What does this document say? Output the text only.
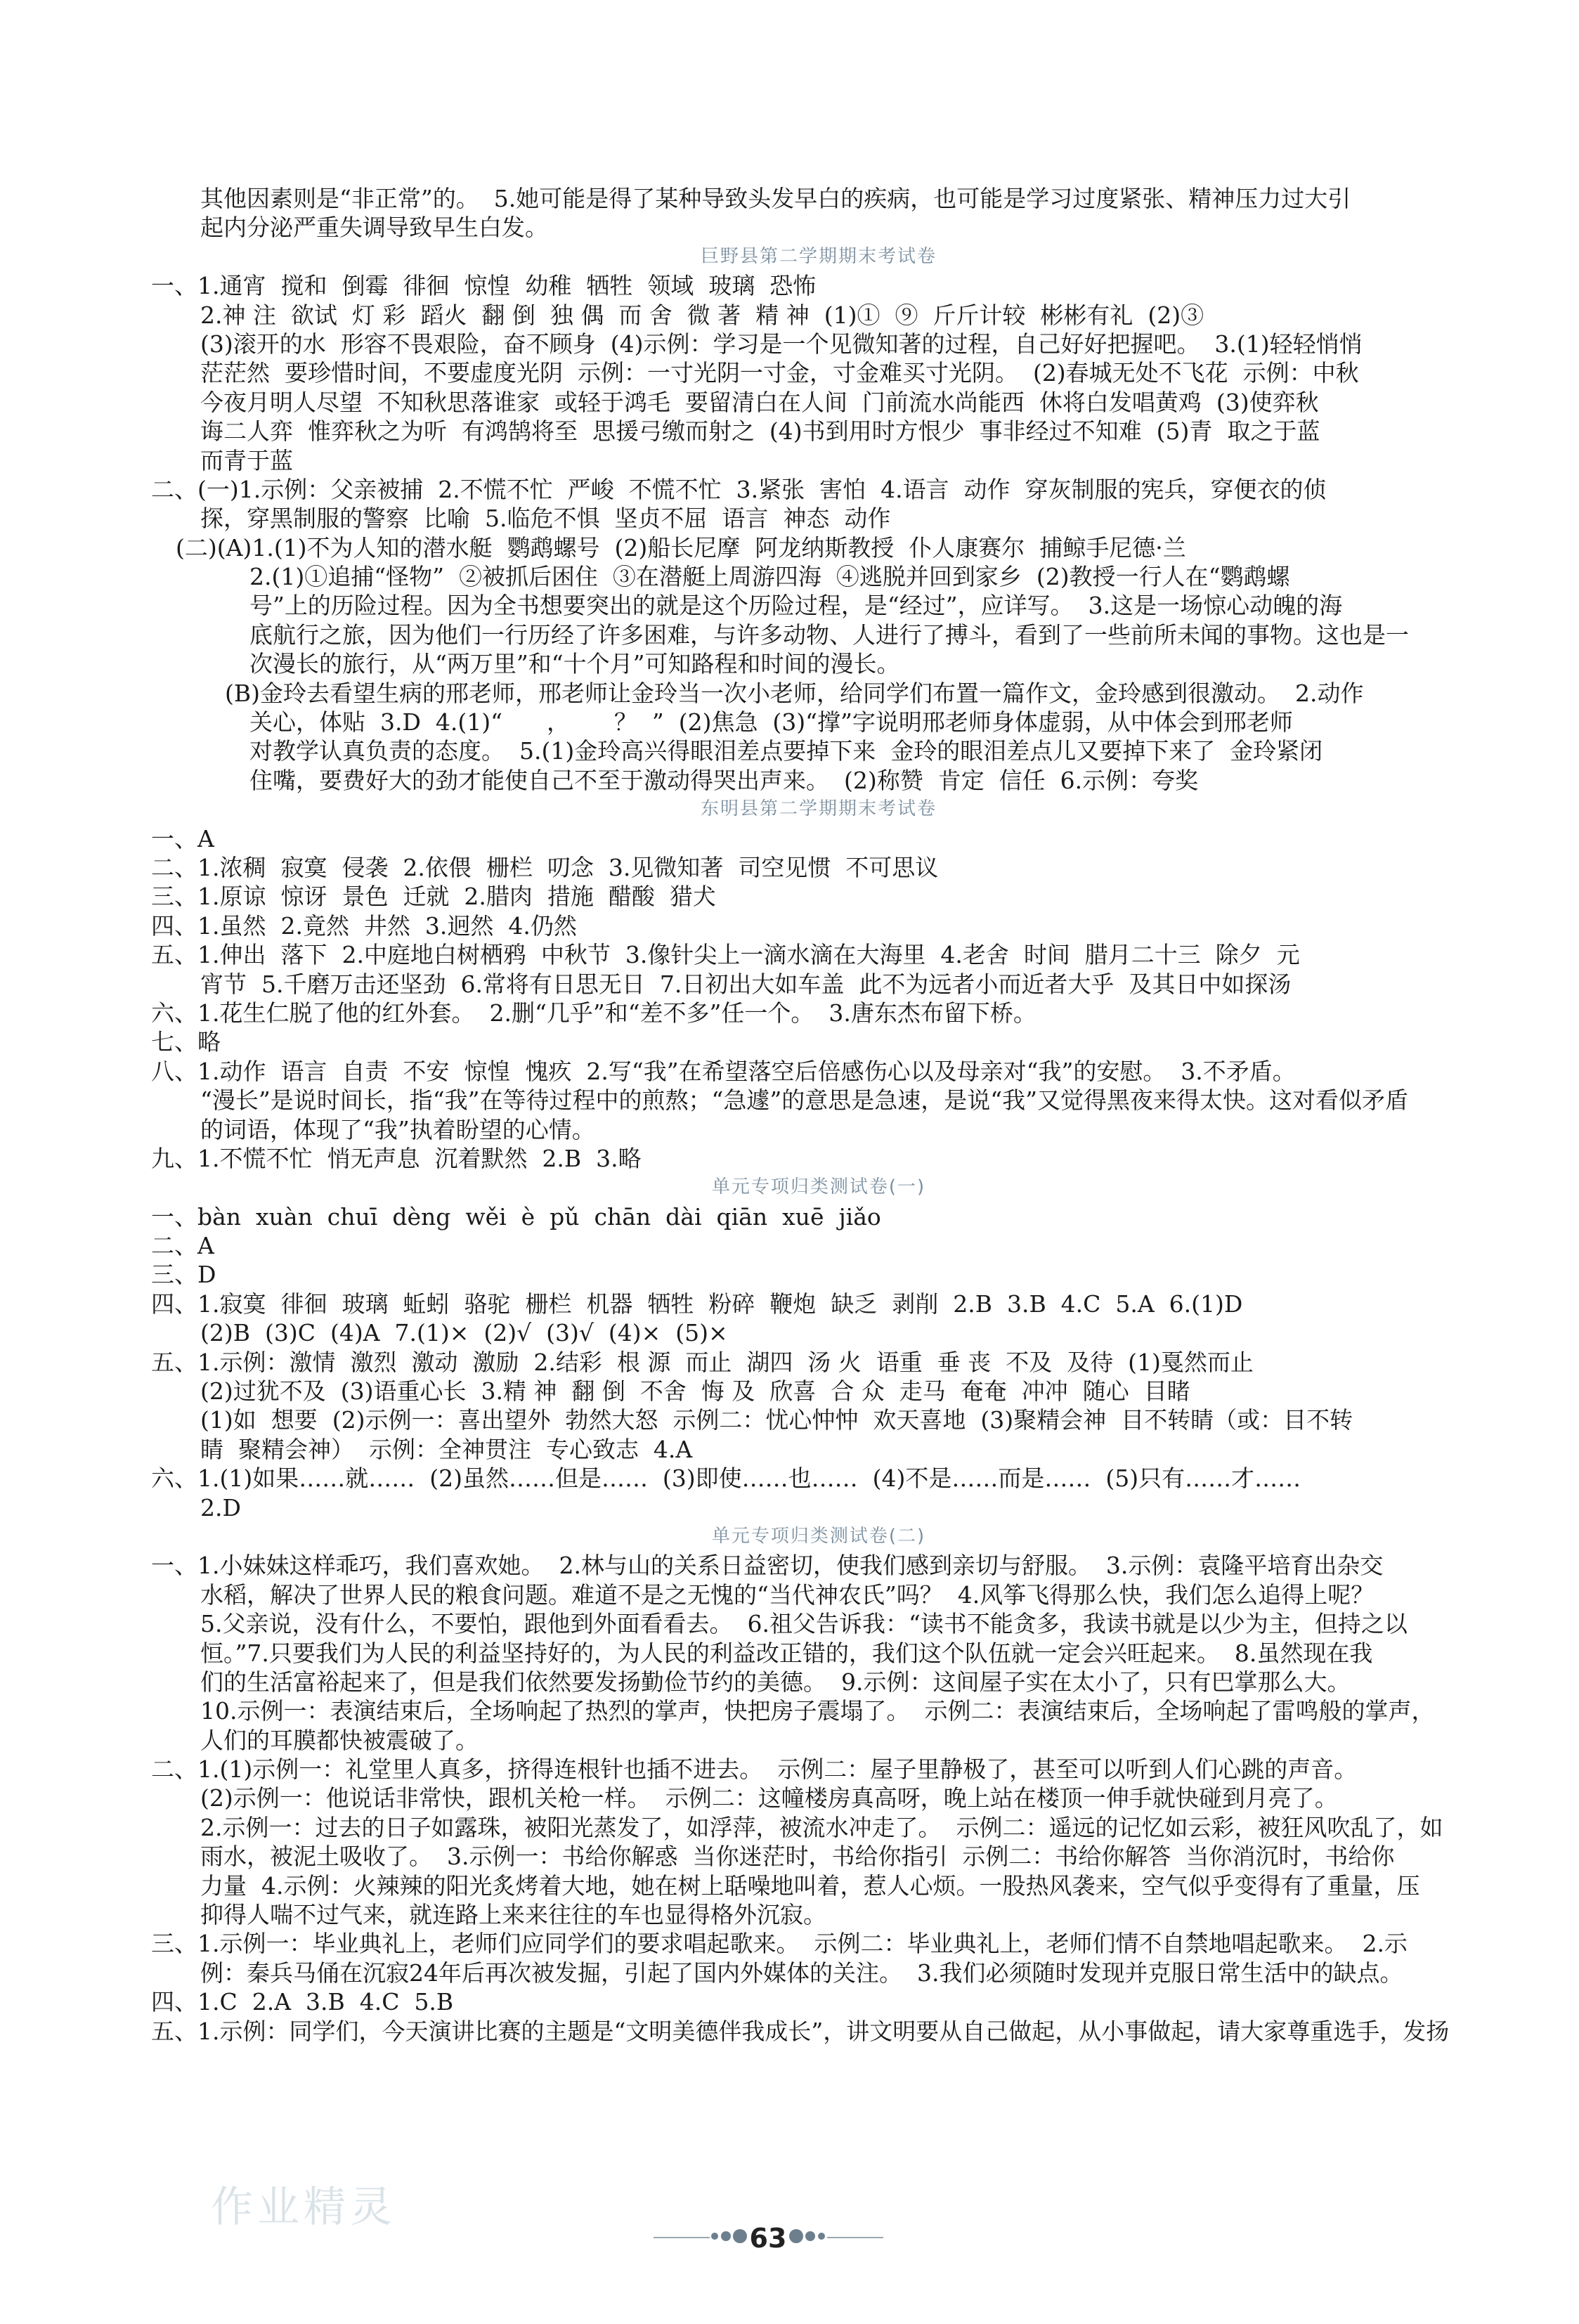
其他因素则是“非正常”的。  5.她可能是得了某种导致头发早白的疾病，也可能是学习过度紧张、精神压力过大引
起内分泌严重失调导致早生白发。
巨野县第二学期期末考试卷
一、1.通宵  搅和  倒霉  徘徊  惊惶  幼稚  牺牲  领域  玻璃  恐怖
2.神 注  欲试  灯 彩  蹈火  翻 倒  独 偶  而 舍  微 著  精 神  (1)①  ⑨  斤斤计较  彬彬有礼  (2)③
(3)滚开的水  形容不畏艰险，奋不顾身  (4)示例：学习是一个见微知著的过程，自己好好把握吧。  3.(1)轻轻悄悄
茫茫然  要珍惜时间，不要虚度光阴  示例：一寸光阴一寸金，寸金难买寸光阴。  (2)春城无处不飞花  示例：中秋
今夜月明人尽望  不知秋思落谁家  或轻于鸿毛  要留清白在人间  门前流水尚能西  休将白发唱黄鸡  (3)使弈秋
诲二人弈  惟弈秋之为听  有鸿鹄将至  思援弓缴而射之  (4)书到用时方恨少  事非经过不知难  (5)青  取之于蓝
而青于蓝
二、(一)1.示例：父亲被捕  2.不慌不忙  严峻  不慌不忙  3.紧张  害怕  4.语言  动作  穿灰制服的宪兵，穿便衣的侦
探，穿黑制服的警察  比喻  5.临危不惧  坚贞不屈  语言  神态  动作
(二)(A)1.(1)不为人知的潜水艇  鹦鹉螺号  (2)船长尼摩  阿龙纳斯教授  仆人康赛尔  捕鲸手尼德·兰
2.(1)①追捕“怪物”  ②被抓后困住  ③在潜艇上周游四海  ④逃脱并回到家乡  (2)教授一行人在“鹦鹉螺
号”上的历险过程。因为全书想要突出的就是这个历险过程，是“经过”，应详写。  3.这是一场惊心动魄的海
底航行之旅，因为他们一行历经了许多困难，与许多动物、人进行了搏斗，看到了一些前所未闻的事物。这也是一
次漫长的旅行，从“两万里”和“十个月”可知路程和时间的漫长。
(B)金玲去看望生病的邢老师，邢老师让金玲当一次小老师，给同学们布置一篇作文，金玲感到很激动。  2.动作
关心，体贴  3.D  4.(1)“      ，      ？  ”  (2)焦急  (3)“撑”字说明邢老师身体虚弱，从中体会到邢老师
对教学认真负责的态度。  5.(1)金玲高兴得眼泪差点要掉下来  金玲的眼泪差点儿又要掉下来了  金玲紧闭
住嘴，要费好大的劲才能使自己不至于激动得哭出声来。  (2)称赞  肯定  信任  6.示例：夸奖
东明县第二学期期末考试卷
一、A
二、1.浓稠  寂寞  侵袭  2.依偎  栅栏  叨念  3.见微知著  司空见惯  不可思议
三、1.原谅  惊讶  景色  迁就  2.腊肉  措施  醋酸  猎犬
四、1.虽然  2.竟然  井然  3.迥然  4.仍然
五、1.伸出  落下  2.中庭地白树栖鸦  中秋节  3.像针尖上一滴水滴在大海里  4.老舍  时间  腊月二十三  除夕  元
宵节  5.千磨万击还坚劲  6.常将有日思无日  7.日初出大如车盖  此不为远者小而近者大乎  及其日中如探汤
六、1.花生仁脱了他的红外套。  2.删“几乎”和“差不多”任一个。  3.唐东杰布留下桥。
七、略
八、1.动作  语言  自责  不安  惊惶  愧疚  2.写“我”在希望落空后倍感伤心以及母亲对“我”的安慰。  3.不矛盾。
“漫长”是说时间长，指“我”在等待过程中的煎熬；“急遽”的意思是急速，是说“我”又觉得黑夜来得太快。这对看似矛盾
的词语，体现了“我”执着盼望的心情。
九、1.不慌不忙  悄无声息  沉着默然  2.B  3.略
单元专项归类测试卷(一)
一、bàn  xuàn  chuī  dèng  wěi  è  pǔ  chān  dài  qiān  xuē  jiǎo
二、A
三、D
四、1.寂寞  徘徊  玻璃  蚯蚓  骆驼  栅栏  机器  牺牲  粉碎  鞭炮  缺乏  剥削  2.B  3.B  4.C  5.A  6.(1)D
(2)B  (3)C  (4)A  7.(1)×  (2)√  (3)√  (4)×  (5)×
五、1.示例：激情  激烈  激动  激励  2.结彩  根 源  而止  湖四  汤 火  语重  垂 丧  不及  及待  (1)戛然而止
(2)过犹不及  (3)语重心长  3.精 神  翻 倒  不舍  悔 及  欣喜  合 众  走马  奄奄  冲冲  随心  目睹
(1)如  想要  (2)示例一：喜出望外  勃然大怒  示例二：忧心忡忡  欢天喜地  (3)聚精会神  目不转睛（或：目不转
睛  聚精会神）  示例：全神贯注  专心致志  4.A
六、1.(1)如果……就……  (2)虽然……但是……  (3)即使……也……  (4)不是……而是……  (5)只有……才……
2.D
单元专项归类测试卷(二)
一、1.小妹妹这样乖巧，我们喜欢她。  2.林与山的关系日益密切，使我们感到亲切与舒服。  3.示例：袁隆平培育出杂交
水稻，解决了世界人民的粮食问题。难道不是之无愧的“当代神农氏”吗？  4.风筝飞得那么快，我们怎么追得上呢？
5.父亲说，没有什么，不要怕，跟他到外面看看去。  6.祖父告诉我：“读书不能贪多，我读书就是以少为主，但持之以
恒。”7.只要我们为人民的利益坚持好的，为人民的利益改正错的，我们这个队伍就一定会兴旺起来。  8.虽然现在我
们的生活富裕起来了，但是我们依然要发扬勤俭节约的美德。  9.示例：这间屋子实在太小了，只有巴掌那么大。
10.示例一：表演结束后，全场响起了热烈的掌声，快把房子震塌了。  示例二：表演结束后，全场响起了雷鸣般的掌声，
人们的耳膜都快被震破了。
二、1.(1)示例一：礼堂里人真多，挤得连根针也插不进去。  示例二：屋子里静极了，甚至可以听到人们心跳的声音。
(2)示例一：他说话非常快，跟机关枪一样。  示例二：这幢楼房真高呀，晚上站在楼顶一伸手就快碰到月亮了。
2.示例一：过去的日子如露珠，被阳光蒸发了，如浮萍，被流水冲走了。  示例二：遥远的记忆如云彩，被狂风吹乱了，如
雨水，被泥土吸收了。  3.示例一：书给你解惑  当你迷茫时，书给你指引  示例二：书给你解答  当你消沉时，书给你
力量  4.示例：火辣辣的阳光炙烤着大地，她在树上聒噪地叫着，惹人心烦。一股热风袭来，空气似乎变得有了重量，压
抑得人喘不过气来，就连路上来来往往的车也显得格外沉寂。
三、1.示例一：毕业典礼上，老师们应同学们的要求唱起歌来。  示例二：毕业典礼上，老师们情不自禁地唱起歌来。  2.示
例：秦兵马俑在沉寂24年后再次被发掘，引起了国内外媒体的关注。  3.我们必须随时发现并克服日常生活中的缺点。
四、1.C  2.A  3.B  4.C  5.B
五、1.示例：同学们，今天演讲比赛的主题是“文明美德伴我成长”，讲文明要从自己做起，从小事做起，请大家尊重选手，发扬
63
作业精灵
